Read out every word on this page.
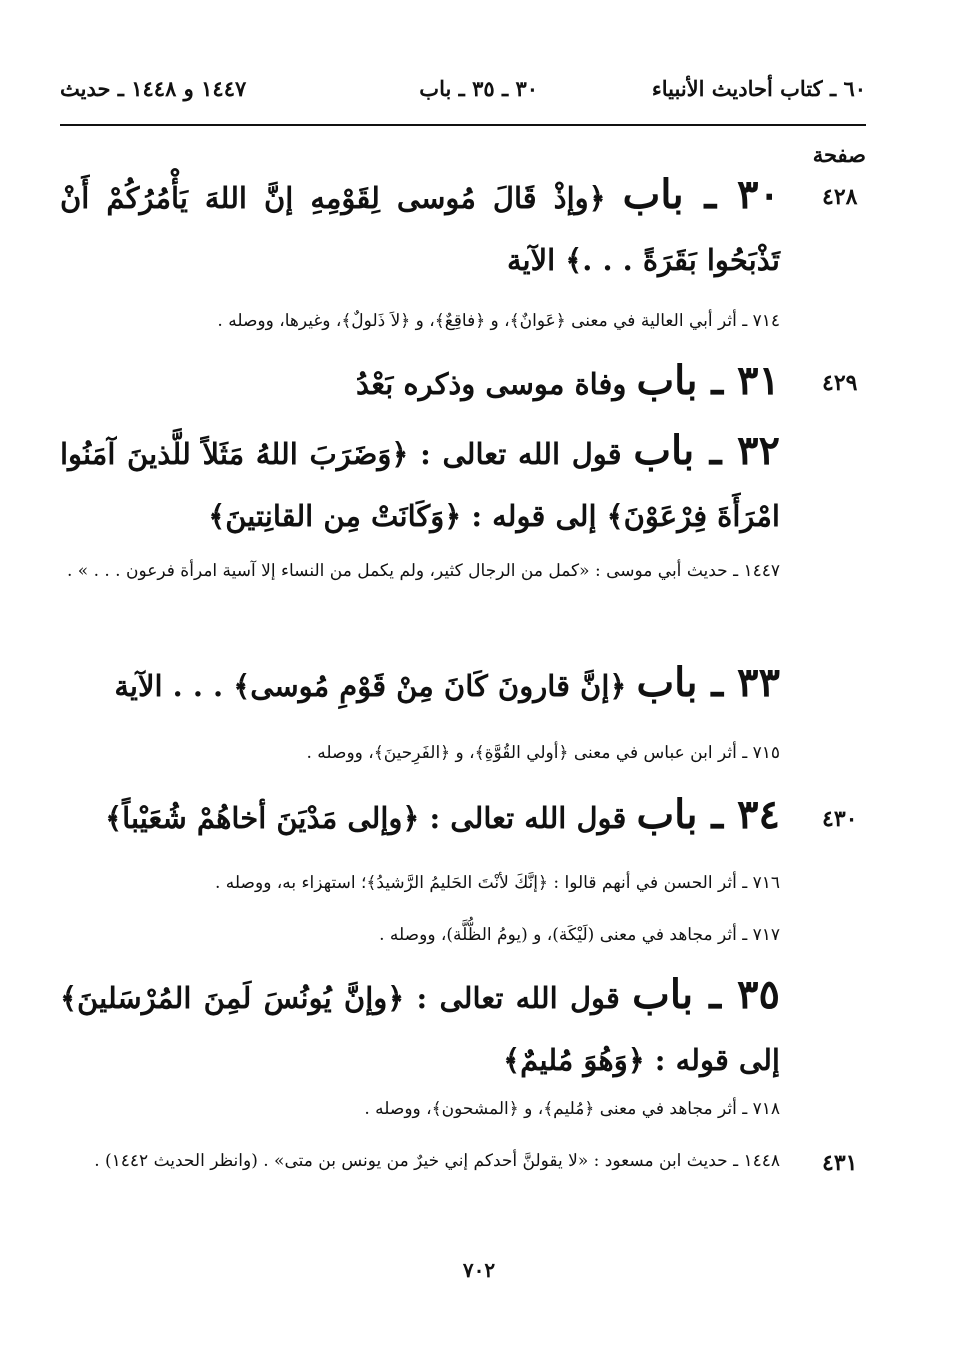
٦٠ ـ كتاب أحاديث الأنبياء
٣٠ ـ ٣٥ ـ باب
١٤٤٧ و ١٤٤٨ ـ حديث
صفحة
٤٢٨
٣٠ ـ باب ﴿وإذْ قَالَ مُوسى لِقَوْمِهِ إنَّ اللهَ يَأْمُرُكُمْ أَنْ تَذْبَحُوا بَقَرَةً . . .﴾ الآية
٧١٤ ـ أثر أبي العالية في معنى ﴿عَوانٌ﴾، و ﴿فاقِعٌ﴾، و ﴿لاَ ذَلولٌ﴾، وغيرها، ووصله .
٤٢٩
٣١ ـ باب وفاة موسى وذكره بَعْدُ
٣٢ ـ باب قول الله تعالى : ﴿وَضَرَبَ اللهُ مَثَلاً للَّذينَ آمَنُوا امْرَأَةَ فِرْعَوْنَ﴾ إلى قوله : ﴿وَكَانَتْ مِن القانِتينَ﴾
١٤٤٧ ـ حديث أبي موسى : «كمل من الرجال كثير، ولم يكمل من النساء إلا آسية امرأة فرعون . . . » .
٣٣ ـ باب ﴿إنَّ قارونَ كَانَ مِنْ قَوْمِ مُوسى﴾ . . . الآية
٧١٥ ـ أثر ابن عباس في معنى ﴿أولي القُوَّةِ﴾، و ﴿الفَرِحينَ﴾، ووصله .
٤٣٠
٣٤ ـ باب قول الله تعالى : ﴿وإلى مَدْيَنَ أخاهُمْ شُعَيْباً﴾
٧١٦ ـ أثر الحسن في أنهم قالوا : ﴿إنَّكَ لأنْتَ الحَليمُ الرَّشيدُ﴾؛ استهزاء به، ووصله .
٧١٧ ـ أثر مجاهد في معنى (لَيْكَة)، و (يومُ الظُّلَّة)، ووصله .
٣٥ ـ باب قول الله تعالى : ﴿وإنَّ يُونُسَ لَمِنَ المُرْسَلينَ﴾ إلى قوله : ﴿وَهُوَ مُليمٌ﴾
٧١٨ ـ أثر مجاهد في معنى ﴿مُليم﴾، و ﴿المشحون﴾، ووصله .
٤٣١
١٤٤٨ ـ حديث ابن مسعود : «لا يقولنَّ أحدكم إني خيرٌ من يونس بن متى» . (وانظر الحديث ١٤٤٢) .
٧٠٢
